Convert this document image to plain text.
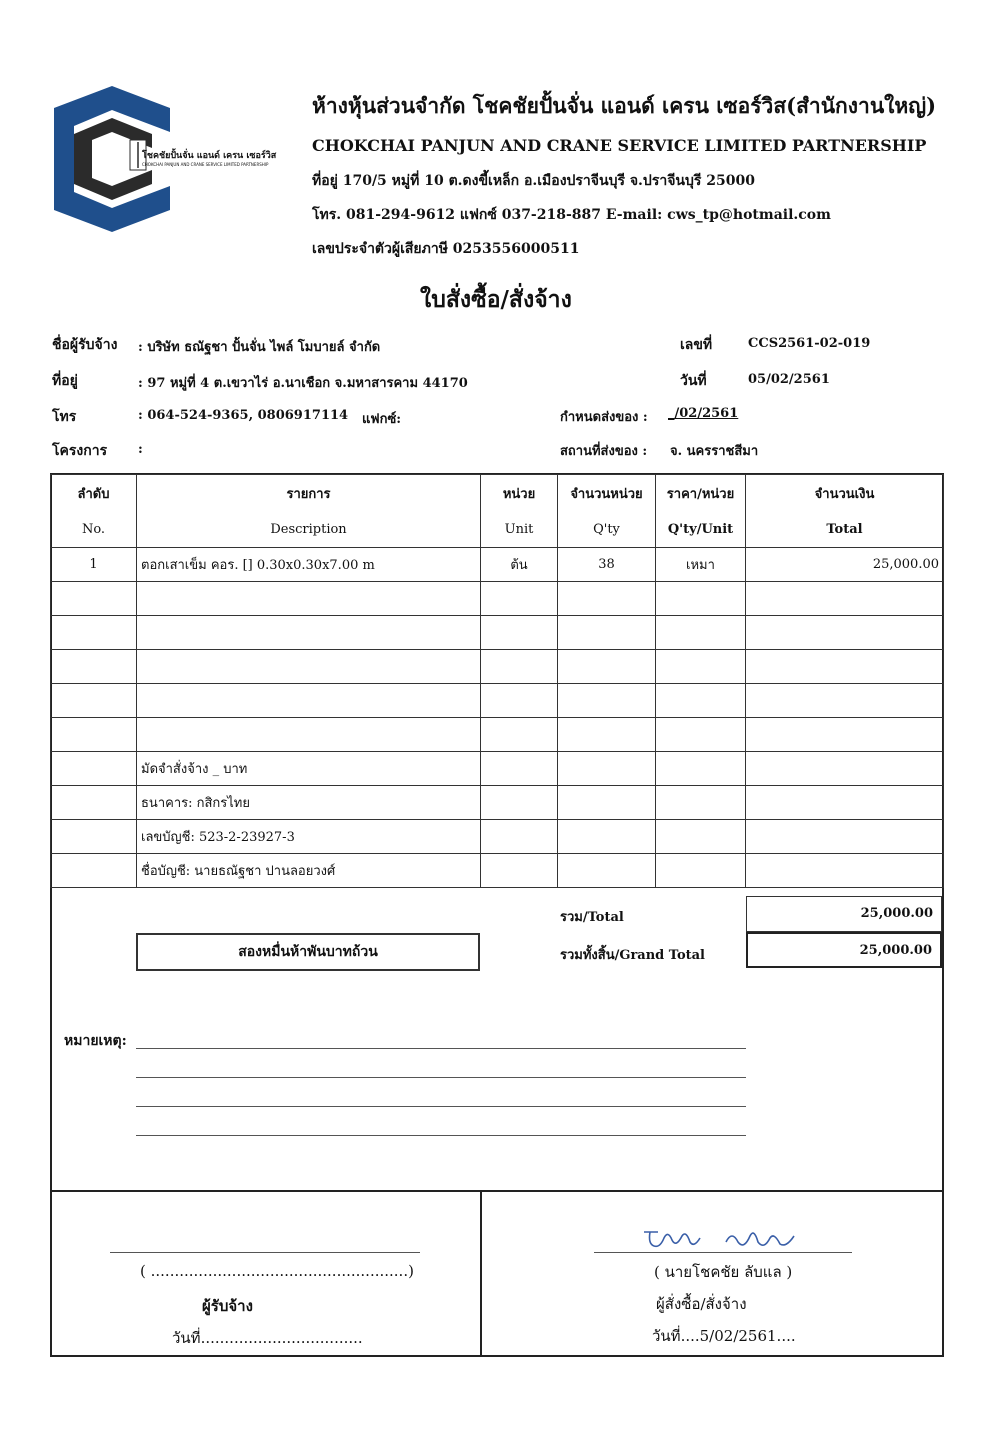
โชคชัยปั้นจั่น แอนด์ เครน เซอร์วิส
CHOKCHAI PANJUN AND CRANE SERVICE LIMITED PARTNERSHIP
ห้างหุ้นส่วนจำกัด โชคชัยปั้นจั่น แอนด์ เครน เซอร์วิส(สำนักงานใหญ่)
CHOKCHAI PANJUN AND CRANE SERVICE LIMITED PARTNERSHIP
ที่อยู่ 170/5 หมู่ที่ 10 ต.ดงขี้เหล็ก อ.เมืองปราจีนบุรี จ.ปราจีนบุรี 25000
โทร. 081-294-9612 แฟกซ์ 037-218-887 E-mail: cws_tp@hotmail.com
เลขประจำตัวผู้เสียภาษี 0253556000511
ใบสั่งซื้อ/สั่งจ้าง
ชื่อผู้รับจ้าง : บริษัท ธณัฐชา ปั้นจั่น ไพล์ โมบายล์ จำกัด
ที่อยู่	: 97 หมู่ที่ 4 ต.เขวาไร่ อ.นาเชือก จ.มหาสารคาม 44170
โทร	: 064-524-9365, 0806917114 แฟกซ์:
โครงการ :
เลขที่	CCS2561-02-019
วันที่	05/02/2561
กำหนดส่งของ : _/02/2561
สถานที่ส่งของ : จ. นครราชสีมา
ลำดับ	รายการ	หน่วย	จำนวนหน่วย	ราคา/หน่วย	จำนวนเงิน
No.	Description	Unit	Q'ty	Q'ty/Unit	Total
1	ตอกเสาเข็ม คอร. [] 0.30x0.30x7.00 m	ต้น	38	เหมา	25,000.00

	มัดจำสั่งจ้าง _ บาท				
	ธนาคาร: กสิกรไทย				
	เลขบัญชี: 523-2-23927-3				
	ชื่อบัญชี: นายธณัฐชา ปานลอยวงศ์				
รวม/Total	25,000.00
รวมทั้งสิ้น/Grand Total	25,000.00
สองหมื่นห้าพันบาทถ้วน
หมายเหตุ:
( ......................................................)
ผู้รับจ้าง
วันที่..................................
( นายโชคชัย ลับแล )
ผู้สั่งซื้อ/สั่งจ้าง
วันที่....5/02/2561....
